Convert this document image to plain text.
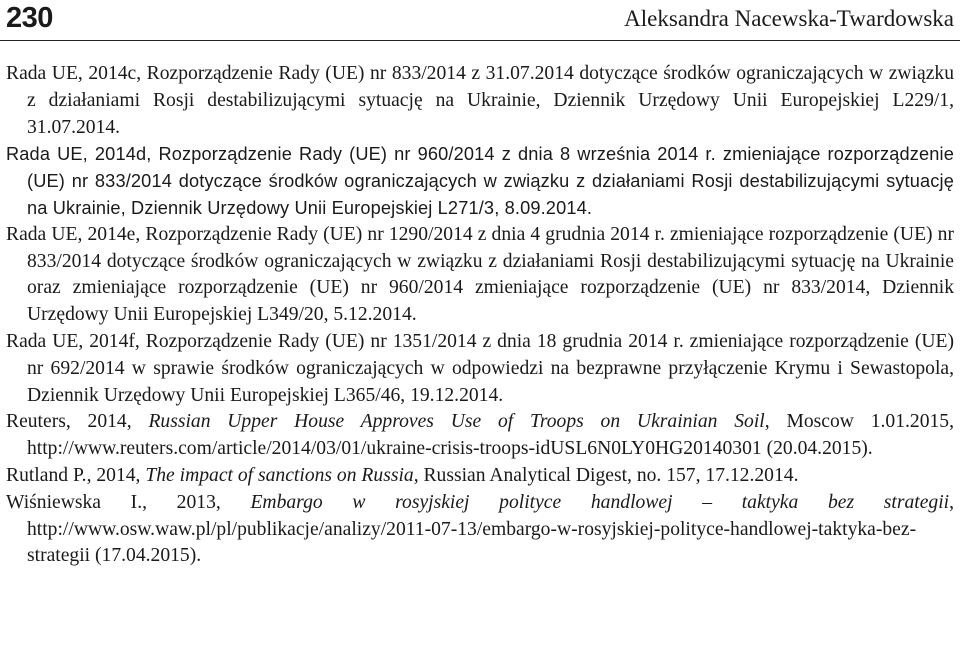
230	Aleksandra Nacewska-Twardowska

Rada UE, 2014c, Rozporządzenie Rady (UE) nr 833/2014 z 31.07.2014 dotyczące środków ograniczających w związku z działaniami Rosji destabilizującymi sytuację na Ukrainie, Dziennik Urzędowy Unii Europejskiej L229/1, 31.07.2014.

Rada UE, 2014d, Rozporządzenie Rady (UE) nr 960/2014 z dnia 8 września 2014 r. zmieniające rozporządzenie (UE) nr 833/2014 dotyczące środków ograniczających w związku z działaniami Rosji destabilizującymi sytuację na Ukrainie, Dziennik Urzędowy Unii Europejskiej L271/3, 8.09.2014.

Rada UE, 2014e, Rozporządzenie Rady (UE) nr 1290/2014 z dnia 4 grudnia 2014 r. zmieniające rozporządzenie (UE) nr 833/2014 dotyczące środków ograniczających w związku z działaniami Rosji destabilizującymi sytuację na Ukrainie oraz zmieniające rozporządzenie (UE) nr 960/2014 zmieniające rozporządzenie (UE) nr 833/2014, Dziennik Urzędowy Unii Europejskiej L349/20, 5.12.2014.

Rada UE, 2014f, Rozporządzenie Rady (UE) nr 1351/2014 z dnia 18 grudnia 2014 r. zmieniające rozporządzenie (UE) nr 692/2014 w sprawie środków ograniczających w odpowiedzi na bezprawne przyłączenie Krymu i Sewastopola, Dziennik Urzędowy Unii Europejskiej L365/46, 19.12.2014.

Reuters, 2014, Russian Upper House Approves Use of Troops on Ukrainian Soil, Moscow 1.01.2015, http://www.reuters.com/article/2014/03/01/ukraine-crisis-troops-idUSL6N0LY0HG20140301 (20.04.2015).

Rutland P., 2014, The impact of sanctions on Russia, Russian Analytical Digest, no. 157, 17.12.2014.

Wiśniewska I., 2013, Embargo w rosyjskiej polityce handlowej – taktyka bez strategii, http://www.osw.waw.pl/pl/publikacje/analizy/2011-07-13/embargo-w-rosyjskiej-polityce-handlowej-taktyka-bez-strategii (17.04.2015).
